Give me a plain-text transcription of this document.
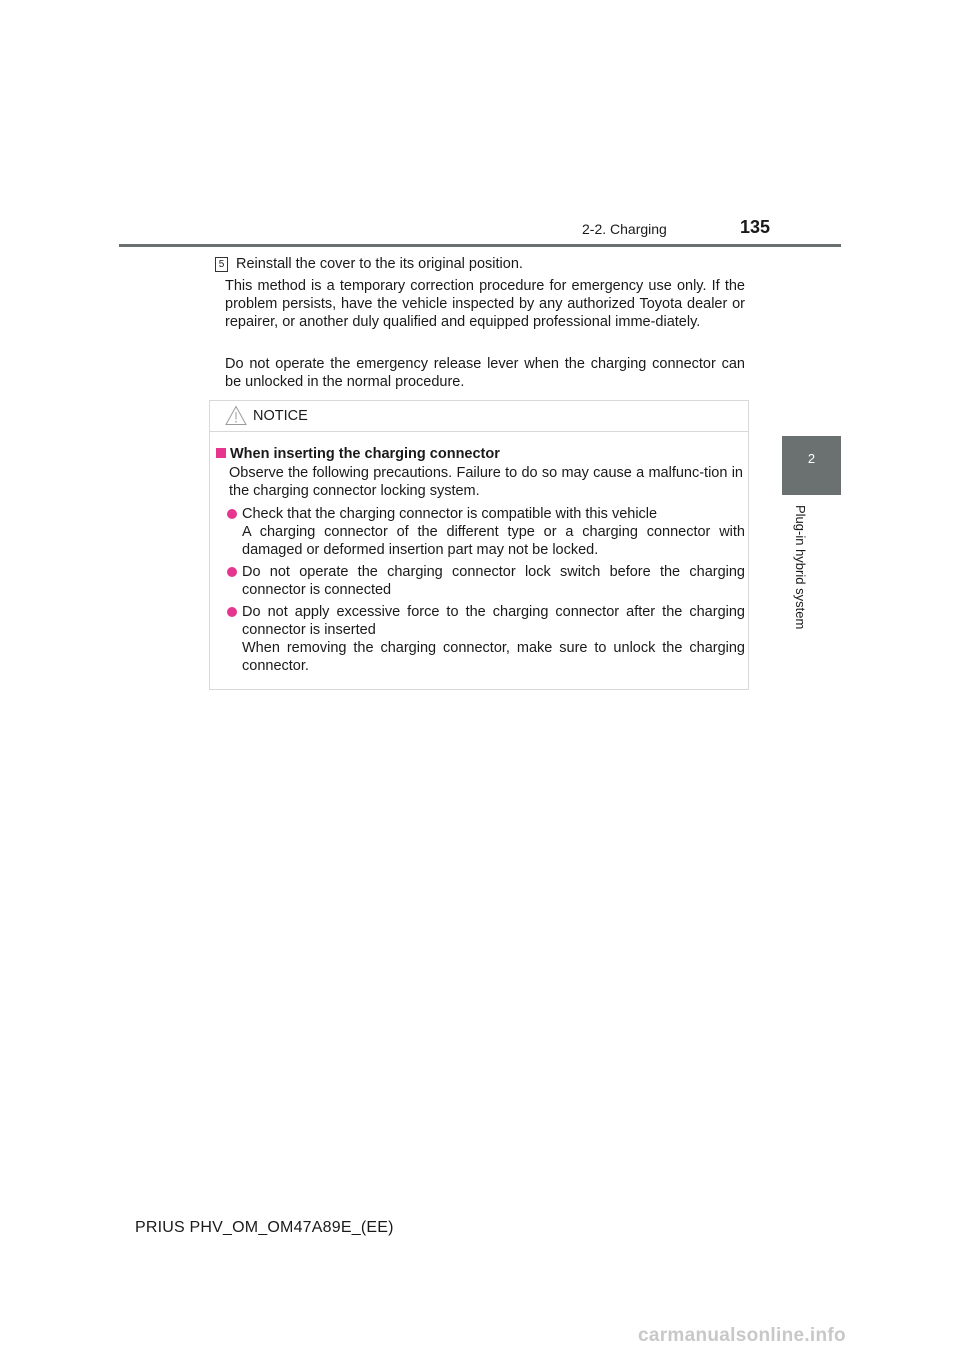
2-2. Charging	135
2
Plug-in hybrid system
5 Reinstall the cover to the its original position.
This method is a temporary correction procedure for emergency use only. If the problem persists, have the vehicle inspected by any authorized Toyota dealer or repairer, or another duly qualified and equipped professional imme-diately.
Do not operate the emergency release lever when the charging connector can be unlocked in the normal procedure.
NOTICE
When inserting the charging connector
Observe the following precautions. Failure to do so may cause a malfunc-tion in the charging connector locking system.
Check that the charging connector is compatible with this vehicle
A charging connector of the different type or a charging connector with damaged or deformed insertion part may not be locked.
Do not operate the charging connector lock switch before the charging connector is connected
Do not apply excessive force to the charging connector after the charging connector is inserted
When removing the charging connector, make sure to unlock the charging connector.
PRIUS PHV_OM_OM47A89E_(EE)
carmanualsonline.info
